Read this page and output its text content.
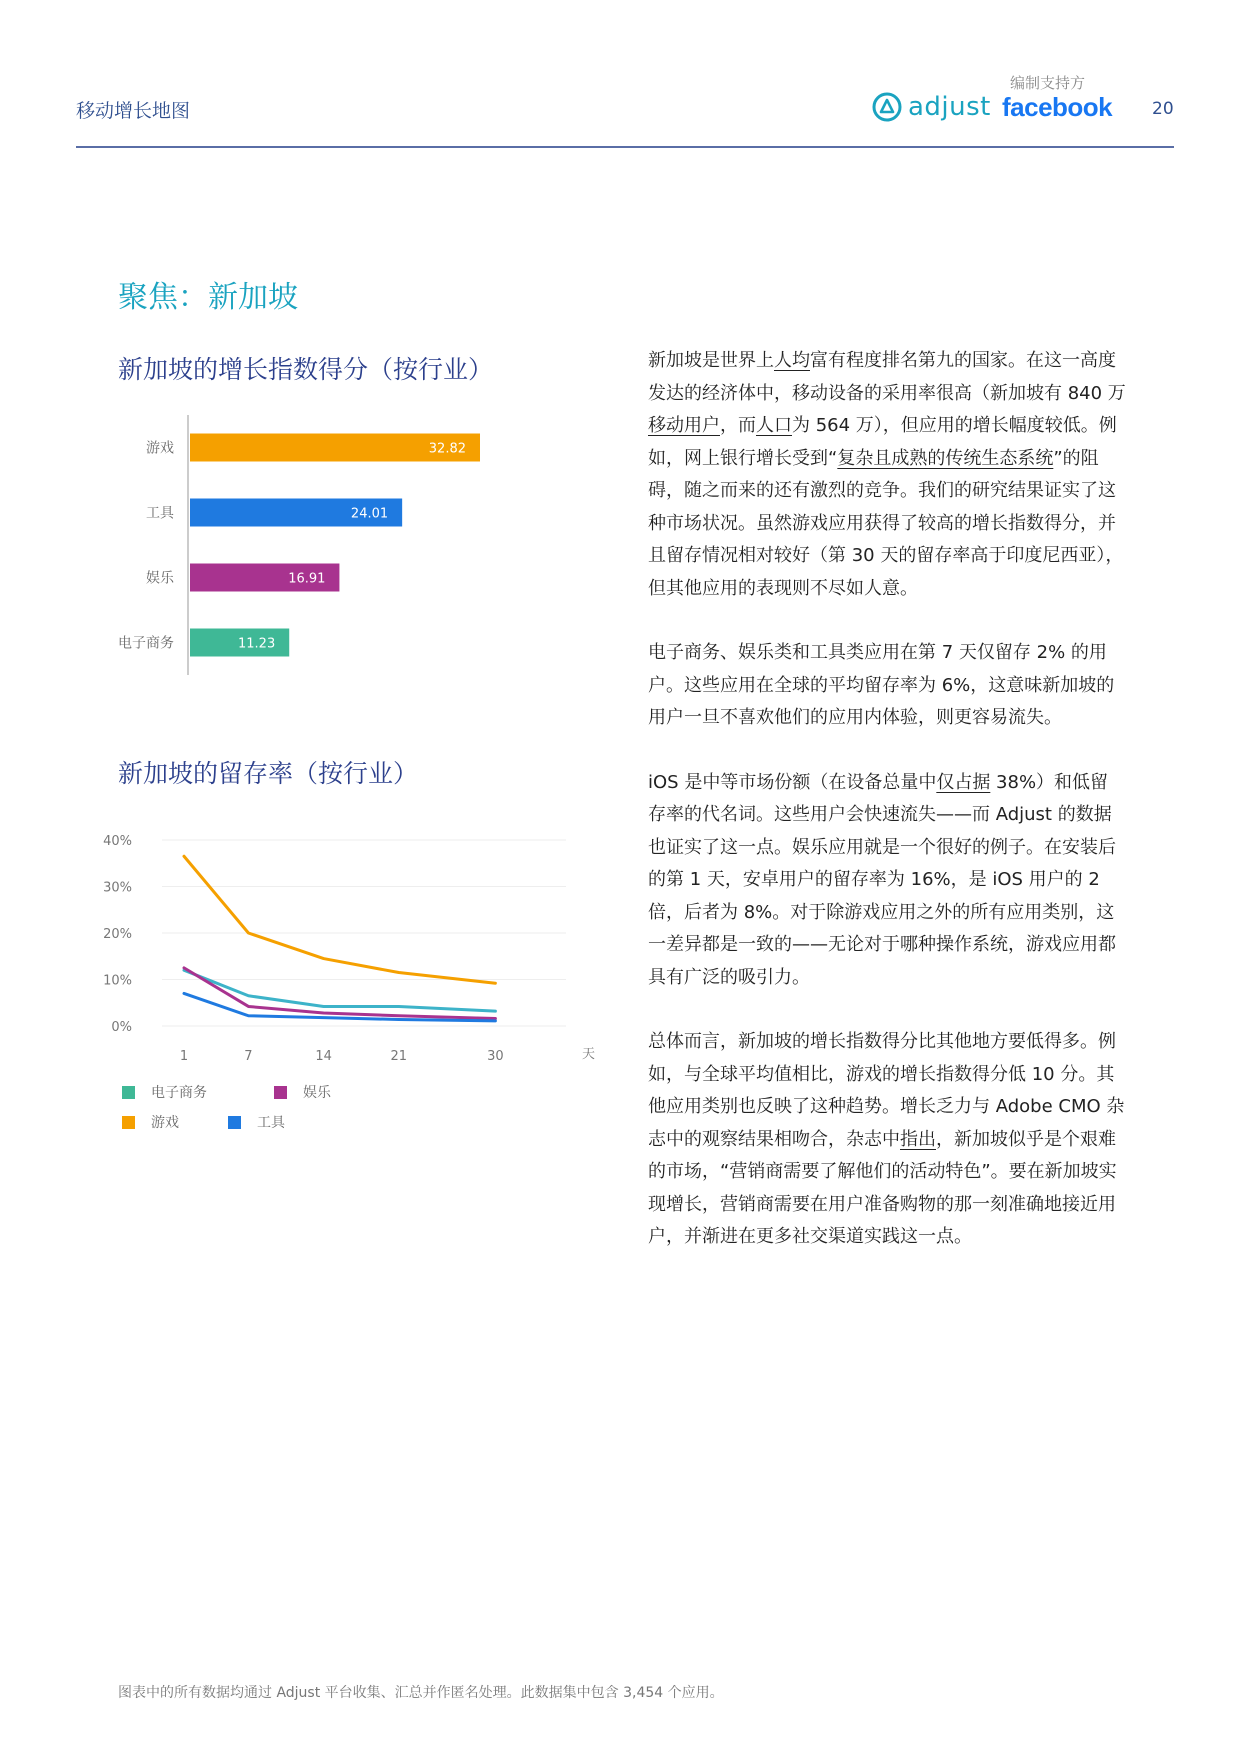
移动增长地图
编制支持方
adjust facebook 20
聚焦：新加坡
新加坡的增长指数得分（按行业）
游戏	32.82
工具	24.01
娱乐	16.91
电子商务	11.23
新加坡的留存率（按行业）
40%
30%
20%
10%
0%
1	7	14	21	30	天
电子商务	娱乐
游戏	工具

新加坡是世界上人均富有程度排名第九的国家。在这一高度发达的经济体中，移动设备的采用率很高（新加坡有 840 万 移动用户，而人口为 564 万），但应用的增长幅度较低。例如，网上银行增长受到“复杂且成熟的传统生态系统”的阻碍，随之而来的还有激烈的竞争。我们的研究结果证实了这种市场状况。虽然游戏应用获得了较高的增长指数得分，并且留存情况相对较好（第 30 天的留存率高于印度尼西亚），但其他应用的表现则不尽如人意。

电子商务、娱乐类和工具类应用在第 7 天仅留存 2% 的用户。这些应用在全球的平均留存率为 6%，这意味新加坡的用户一旦不喜欢他们的应用内体验，则更容易流失。

iOS 是中等市场份额（在设备总量中仅占据 38%）和低留存率的代名词。这些用户会快速流失——而 Adjust 的数据也证实了这一点。娱乐应用就是一个很好的例子。在安装后的第 1 天，安卓用户的留存率为 16%，是 iOS 用户的 2 倍，后者为 8%。对于除游戏应用之外的所有应用类别，这一差异都是一致的——无论对于哪种操作系统，游戏应用都具有广泛的吸引力。

总体而言，新加坡的增长指数得分比其他地方要低得多。例如，与全球平均值相比，游戏的增长指数得分低 10 分。其他应用类别也反映了这种趋势。增长乏力与 Adobe CMO 杂志中的观察结果相吻合，杂志中指出，新加坡似乎是个艰难的市场，“营销商需要了解他们的活动特色”。要在新加坡实现增长，营销商需要在用户准备购物的那一刻准确地接近用户，并渐进在更多社交渠道实践这一点。

图表中的所有数据均通过 Adjust 平台收集、汇总并作匿名处理。此数据集中包含 3,454 个应用。
